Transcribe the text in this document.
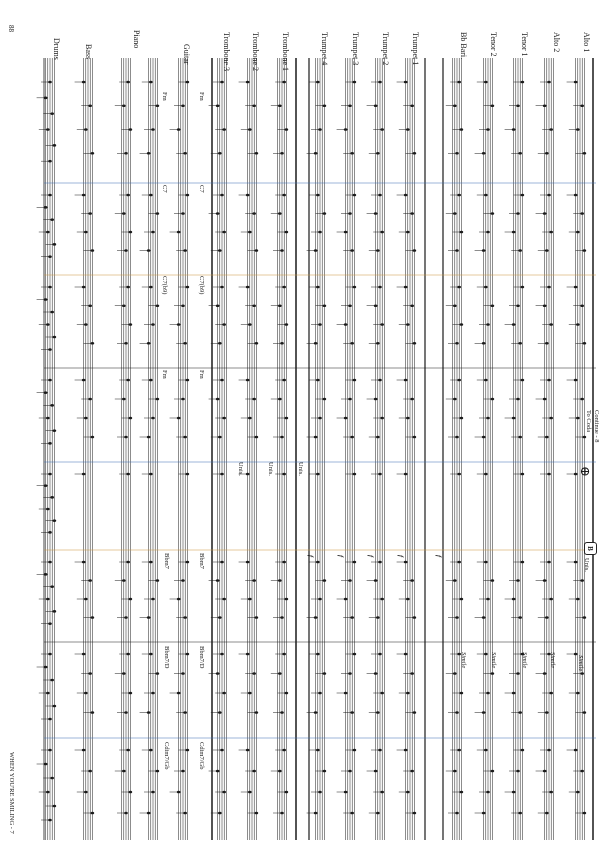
Alto 1
Alto 2
Tenor 1
Tenor 2
Bb Bari.
Trumpet 1
Trumpet 2
Trumpet 3
Trumpet 4
Trombone 1
Trombone 2
Trombone 3
Guitar
Piano
Bass
Drums
88
WHEN YOU'RE SMILING - 7
Fm
C7
C7(b9)
Fm
Bbm7
Bbm7/D
Cdim7/Gb
Fm
C7
C7(b9)
Fm
Bbm7
Bbm7/D
Cdim7/Gb
Unis.
Unis.
Unis.
Unis.
B
Continue - 8
To Coda
⊕
Simile
Simile
Simile
Simile
Simile
f
f
f
f
f
